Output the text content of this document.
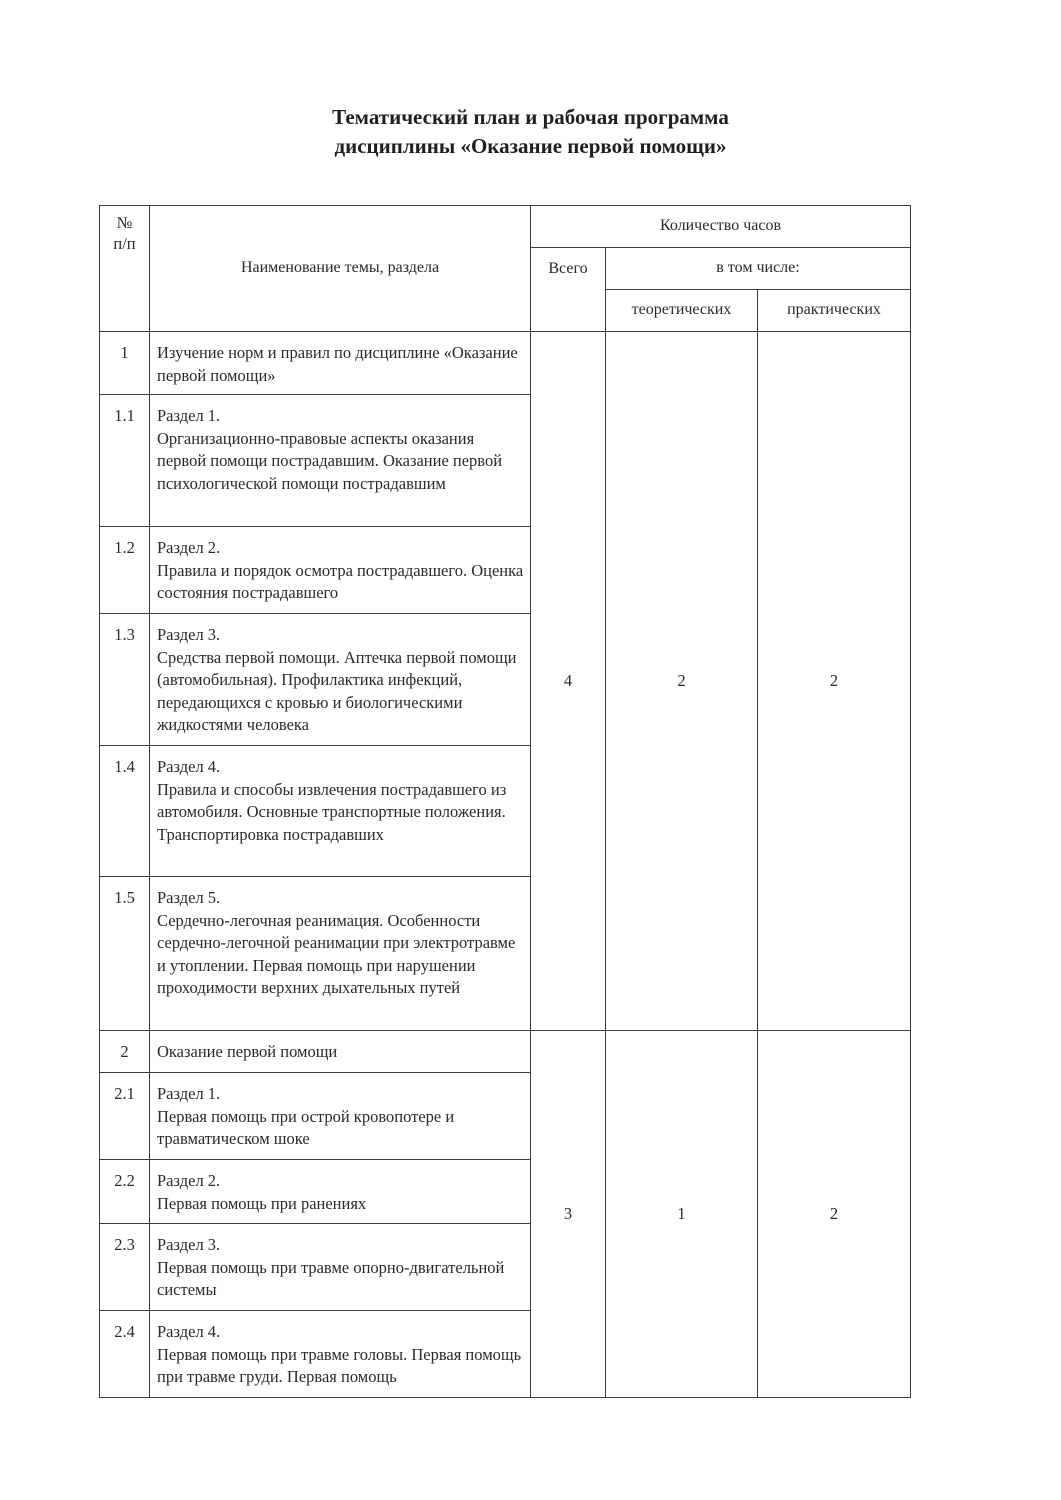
Тематический план и рабочая программа
дисциплины «Оказание первой помощи»
№ п/п	Наименование темы, раздела	Количество часов		
		Всего	в том числе:	
			теоретических	практических
1	Изучение норм и правил по дисциплине «Оказание первой помощи»	4	2	2
1.1	Раздел 1.
Организационно-правовые аспекты оказания первой помощи пострадавшим. Оказание первой психологической помощи пострадавшим			

1.2	Раздел 2.
Правила и порядок осмотра пострадавшего. Оценка состояния пострадавшего			

1.3	Раздел 3.
Средства первой помощи. Аптечка первой помощи (автомобильная). Профилактика инфекций, передающихся с кровью и биологическими жидкостями человека			

1.4	Раздел 4.
Правила и способы извлечения пострадавшего из автомобиля. Основные транспортные положения. Транспортировка пострадавших			

1.5	Раздел 5.
Сердечно-легочная реанимация. Особенности сердечно-легочной реанимации при электротравме и утоплении. Первая помощь при нарушении проходимости верхних дыхательных путей			

2	Оказание первой помощи	3	1	2
2.1	Раздел 1.
Первая помощь при острой кровопотере и травматическом шоке			

2.2	Раздел 2.
Первая помощь при ранениях			

2.3	Раздел 3.
Первая помощь при травме опорно-двигательной системы			

2.4	Раздел 4.
Первая помощь при травме головы. Первая помощь при травме груди. Первая помощь			
